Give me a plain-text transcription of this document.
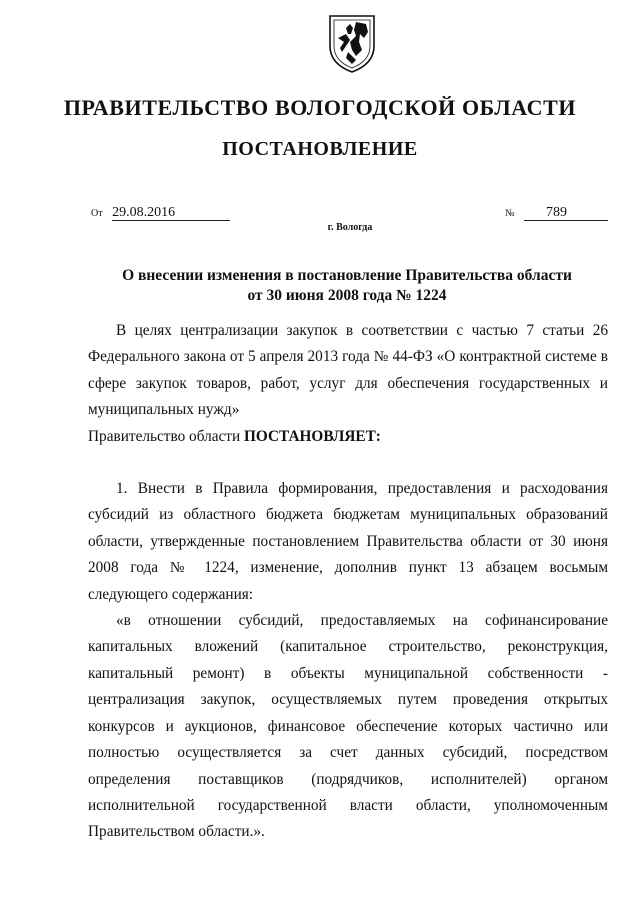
ПРАВИТЕЛЬСТВО ВОЛОГОДСКОЙ ОБЛАСТИ
ПОСТАНОВЛЕНИЕ
От 29.08.2016	№ 789
г. Вологда
О внесении изменения в постановление Правительства области
от 30 июня 2008 года № 1224

В целях централизации закупок в соответствии с частью 7 статьи 26 Федерального закона от 5 апреля 2013 года № 44-ФЗ «О контрактной системе в сфере закупок товаров, работ, услуг для обеспечения государственных и муниципальных нужд»

Правительство области ПОСТАНОВЛЯЕТ:

1. Внести в Правила формирования, предоставления и расходования субсидий из областного бюджета бюджетам муниципальных образований области, утвержденные постановлением Правительства области от 30 июня 2008 года № 1224, изменение, дополнив пункт 13 абзацем восьмым следующего содержания:

«в отношении субсидий, предоставляемых на софинансирование капитальных вложений (капитальное строительство, реконструкция, капитальный ремонт) в объекты муниципальной собственности - централизация закупок, осуществляемых путем проведения открытых конкурсов и аукционов, финансовое обеспечение которых частично или полностью осуществляется за счет данных субсидий, посредством определения поставщиков (подрядчиков, исполнителей) органом исполнительной государственной власти области, уполномоченным Правительством области.».
